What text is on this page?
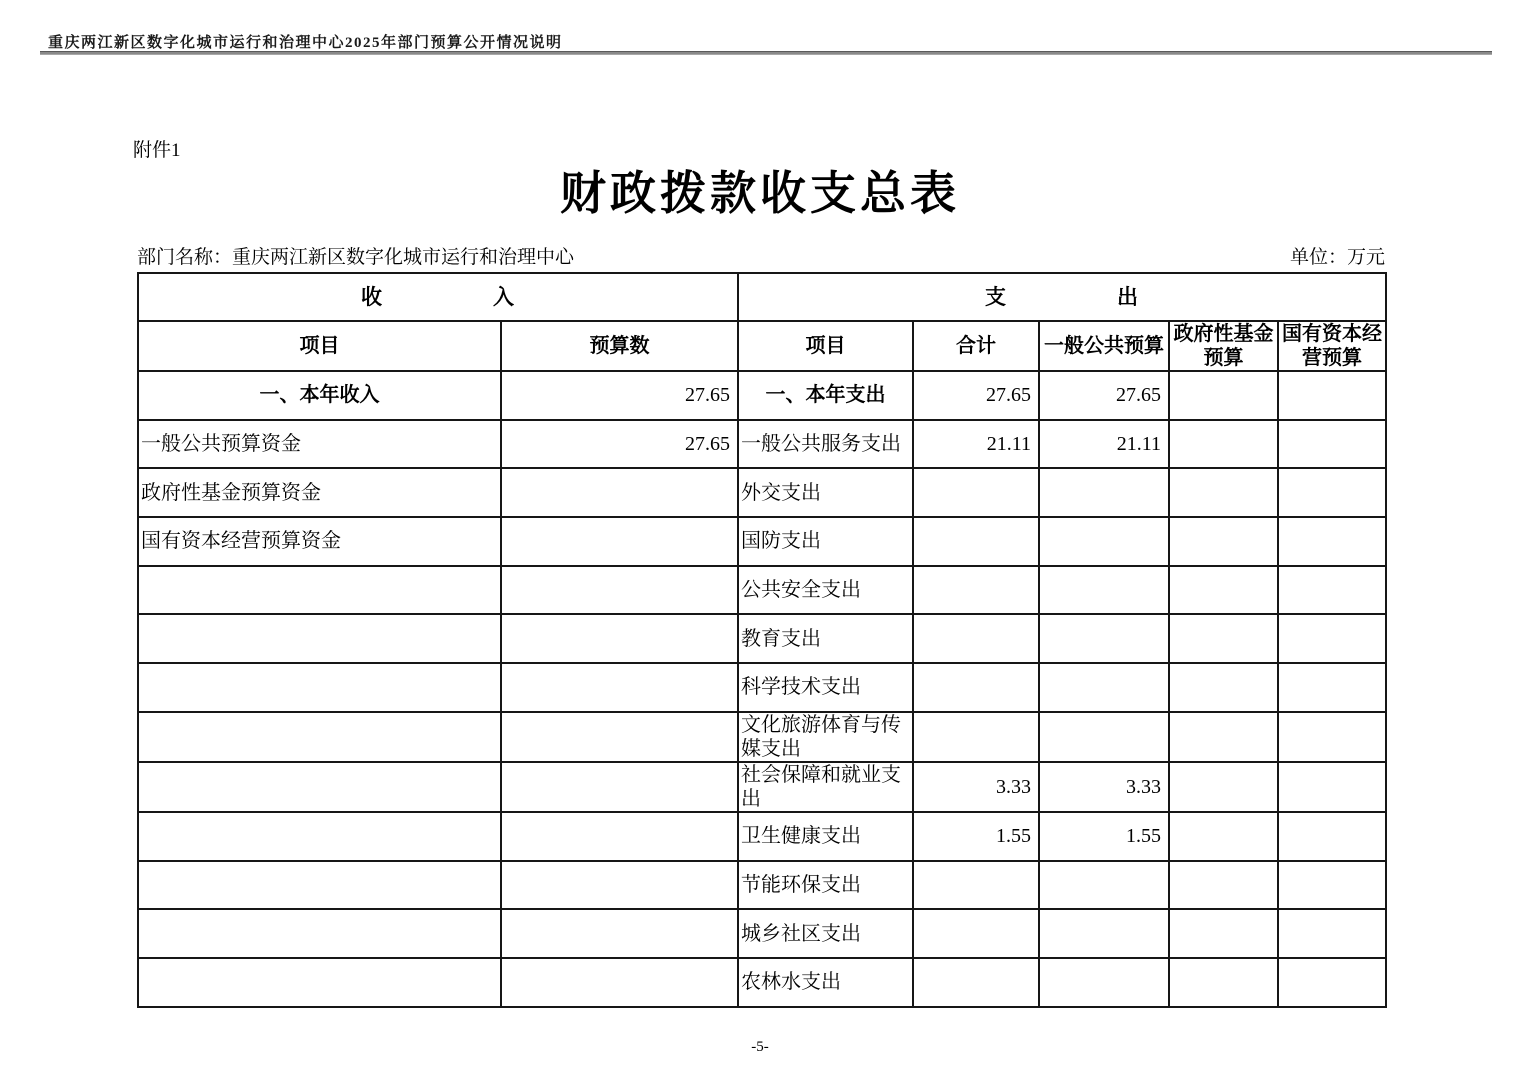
重庆两江新区数字化城市运行和治理中心2025年部门预算公开情况说明
附件1
财政拨款收支总表
部门名称：重庆两江新区数字化城市运行和治理中心	单位：万元
收　　　　　入		支　　　　　出				
项目	预算数	项目	合计	一般公共预算	政府性基金预算	国有资本经营预算
一、本年收入	27.65	一、本年支出	27.65	27.65		
一般公共预算资金	27.65	一般公共服务支出	21.11	21.11		
政府性基金预算资金		外交支出				
国有资本经营预算资金		国防支出				
		公共安全支出				
		教育支出				
		科学技术支出				
		文化旅游体育与传媒支出				
		社会保障和就业支出	3.33	3.33		
		卫生健康支出	1.55	1.55		
		节能环保支出				
		城乡社区支出				
		农林水支出				
-5-
